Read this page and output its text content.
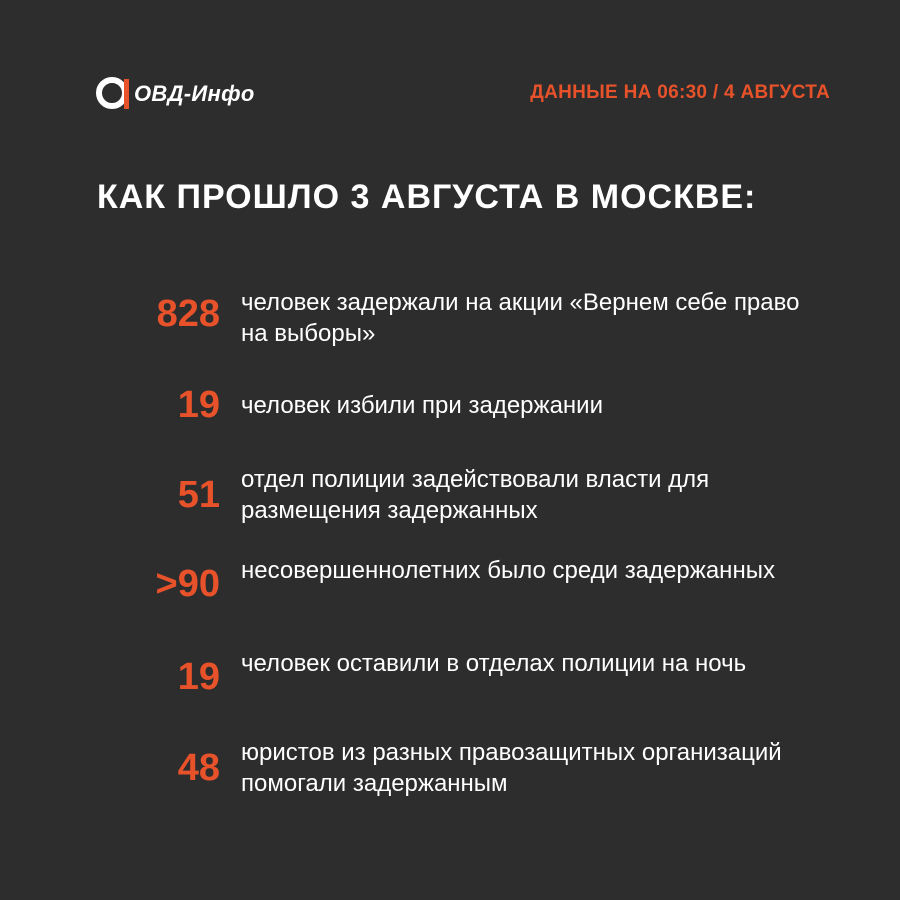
ОВД-Инфо	ДАННЫЕ НА 06:30 / 4 АВГУСТА
КАК ПРОШЛО 3 АВГУСТА В МОСКВЕ:
828 человек задержали на акции «Вернем себе право на выборы»
19 человек избили при задержании
51 отдел полиции задействовали власти для размещения задержанных
>90 несовершеннолетних было среди задержанных
19 человек оставили в отделах полиции на ночь
48 юристов из разных правозащитных организаций помогали задержанным
